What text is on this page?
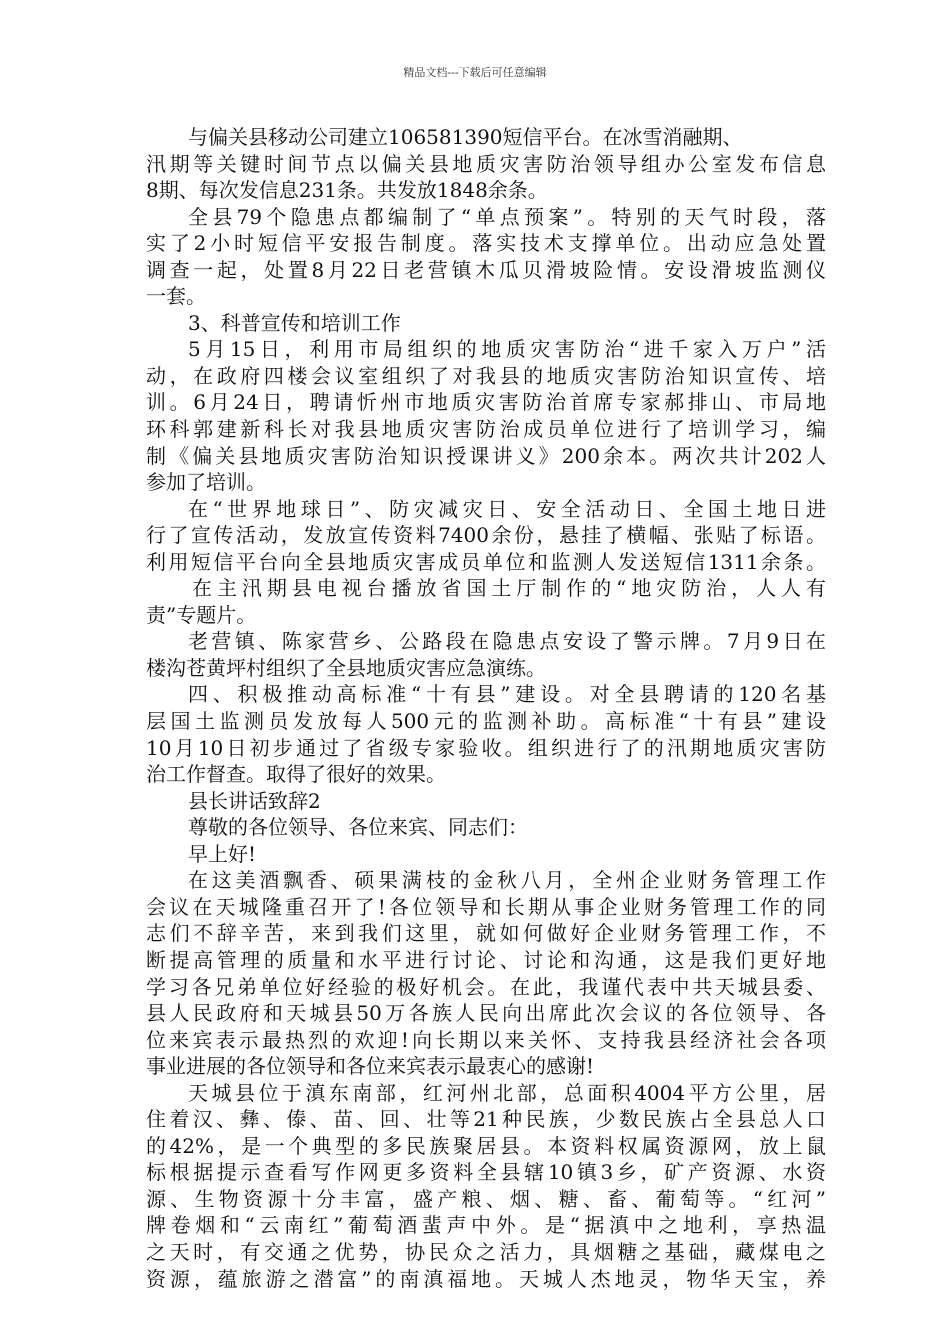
精品文档---下载后可任意编辑
与偏关县移动公司建立106581390短信平台。在冰雪消融期、
汛期等关键时间节点以偏关县地质灾害防治领导组办公室发布信息
8期、每次发信息231条。共发放1848余条。
全县79个隐患点都编制了“单点预案”。特别的天气时段，落
实了2小时短信平安报告制度。落实技术支撑单位。出动应急处置
调查一起，处置8月22日老营镇木瓜贝滑坡险情。安设滑坡监测仪
一套。
3、科普宣传和培训工作
5月15日，利用市局组织的地质灾害防治“进千家入万户”活
动，在政府四楼会议室组织了对我县的地质灾害防治知识宣传、培
训。6月24日，聘请忻州市地质灾害防治首席专家郝排山、市局地
环科郭建新科长对我县地质灾害防治成员单位进行了培训学习，编
制《偏关县地质灾害防治知识授课讲义》200余本。两次共计202人
参加了培训。
在“世界地球日”、防灾减灾日、安全活动日、全国土地日进
行了宣传活动，发放宣传资料7400余份，悬挂了横幅、张贴了标语。
利用短信平台向全县地质灾害成员单位和监测人发送短信1311余条。
在主汛期县电视台播放省国土厅制作的“地灾防治，人人有
责”专题片。
老营镇、陈家营乡、公路段在隐患点安设了警示牌。7月9日在
楼沟苍黄坪村组织了全县地质灾害应急演练。
四、积极推动高标准“十有县”建设。对全县聘请的120名基
层国土监测员发放每人500元的监测补助。高标准“十有县”建设
10月10日初步通过了省级专家验收。组织进行了的汛期地质灾害防
治工作督查。取得了很好的效果。
县长讲话致辞2
尊敬的各位领导、各位来宾、同志们：
早上好!
在这美酒飘香、硕果满枝的金秋八月，全州企业财务管理工作
会议在天城隆重召开了!各位领导和长期从事企业财务管理工作的同
志们不辞辛苦，来到我们这里，就如何做好企业财务管理工作，不
断提高管理的质量和水平进行讨论、讨论和沟通，这是我们更好地
学习各兄弟单位好经验的极好机会。在此，我谨代表中共天城县委、
县人民政府和天城县50万各族人民向出席此次会议的各位领导、各
位来宾表示最热烈的欢迎!向长期以来关怀、支持我县经济社会各项
事业进展的各位领导和各位来宾表示最衷心的感谢!
天城县位于滇东南部，红河州北部，总面积4004平方公里，居
住着汉、彝、傣、苗、回、壮等21种民族，少数民族占全县总人口
的42%，是一个典型的多民族聚居县。本资料权属资源网，放上鼠
标根据提示查看写作网更多资料全县辖10镇3乡，矿产资源、水资
源、生物资源十分丰富，盛产粮、烟、糖、畜、葡萄等。“红河”
牌卷烟和“云南红”葡萄酒蜚声中外。是“据滇中之地利，享热温
之天时，有交通之优势，协民众之活力，具烟糖之基础，藏煤电之
资源，蕴旅游之潜富”的南滇福地。天城人杰地灵，物华天宝，养
